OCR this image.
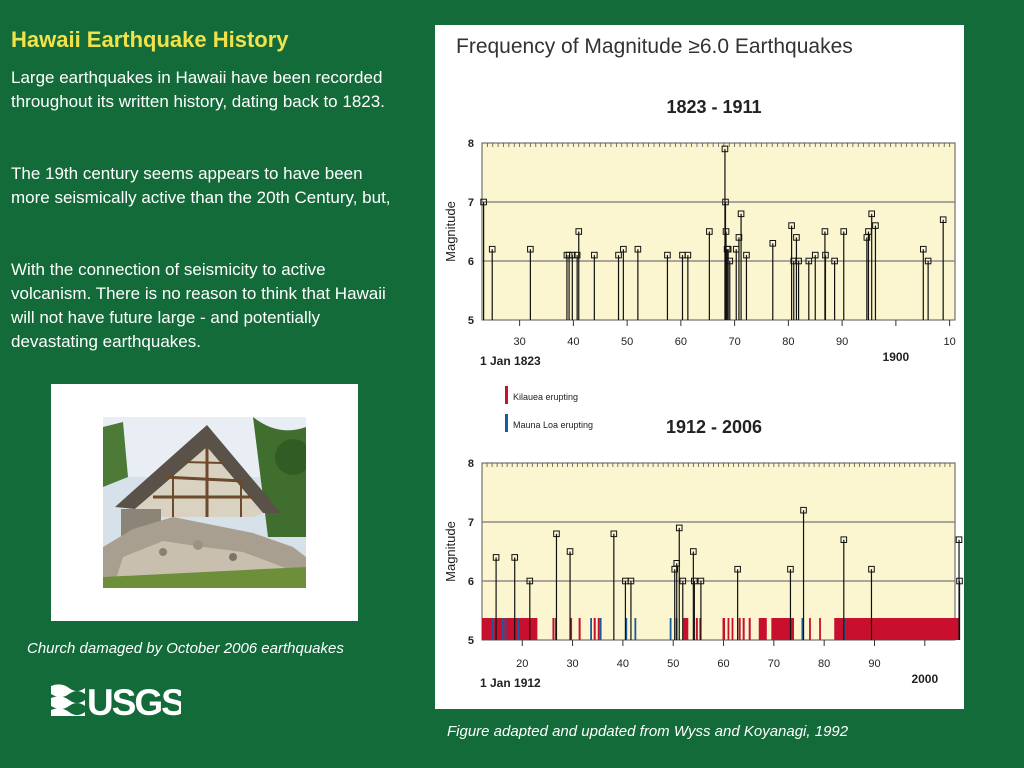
Hawaii Earthquake History
Large earthquakes in Hawaii have been recorded throughout its written history, dating back to 1823.
The 19th century seems appears to have been more seismically active than the 20th Century, but,
With the connection of seismicity to active volcanism. There is no reason to think that Hawaii will not have future large - and potentially devastating earthquakes.
Church damaged by October 2006 earthquakes
USGS
Frequency of Magnitude ≥6.0 Earthquakes
1823 - 1911
5
6
7
8
Magnitude
30	40	50	60	70	80	90
1900
10
1 Jan 1823
1912 - 2006
5
6
7
8
Magnitude
20	30	40	50	60	70	80	90
2000
1 Jan 1912
Kilauea erupting
Mauna Loa erupting
Figure adapted and updated from Wyss and Koyanagi, 1992
